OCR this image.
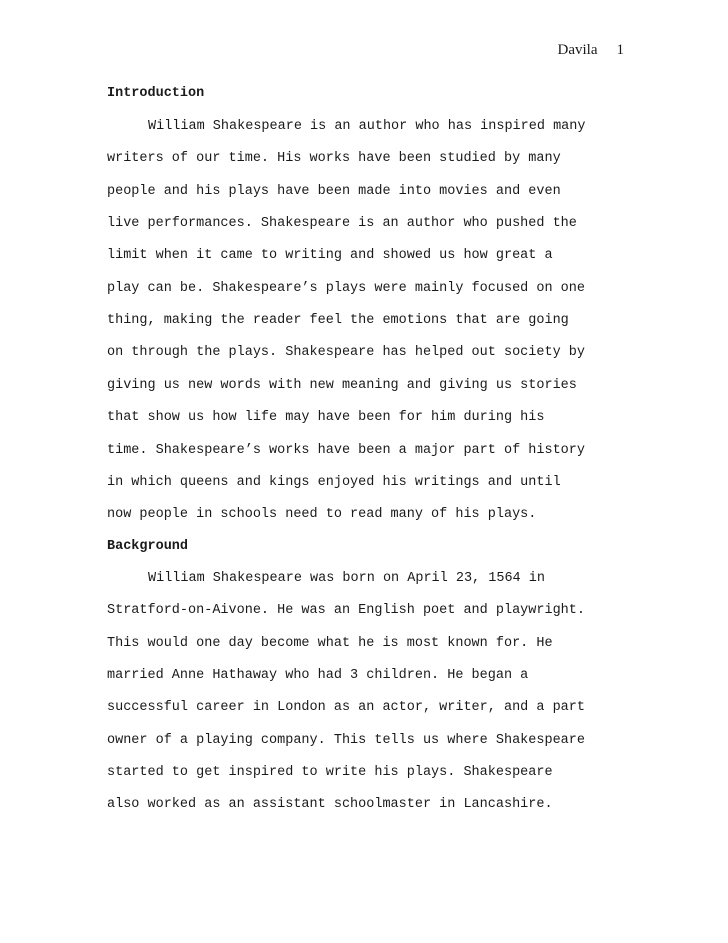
Davila 1
Introduction
William Shakespeare is an author who has inspired many
writers of our time. His works have been studied by many
people and his plays have been made into movies and even
live performances. Shakespeare is an author who pushed the
limit when it came to writing and showed us how great a
play can be. Shakespeare’s plays were mainly focused on one
thing, making the reader feel the emotions that are going
on through the plays. Shakespeare has helped out society by
giving us new words with new meaning and giving us stories
that show us how life may have been for him during his
time. Shakespeare’s works have been a major part of history
in which queens and kings enjoyed his writings and until
now people in schools need to read many of his plays.
Background
William Shakespeare was born on April 23, 1564 in
Stratford-on-Aivone. He was an English poet and playwright.
This would one day become what he is most known for. He
married Anne Hathaway who had 3 children. He began a
successful career in London as an actor, writer, and a part
owner of a playing company. This tells us where Shakespeare
started to get inspired to write his plays. Shakespeare
also worked as an assistant schoolmaster in Lancashire.
